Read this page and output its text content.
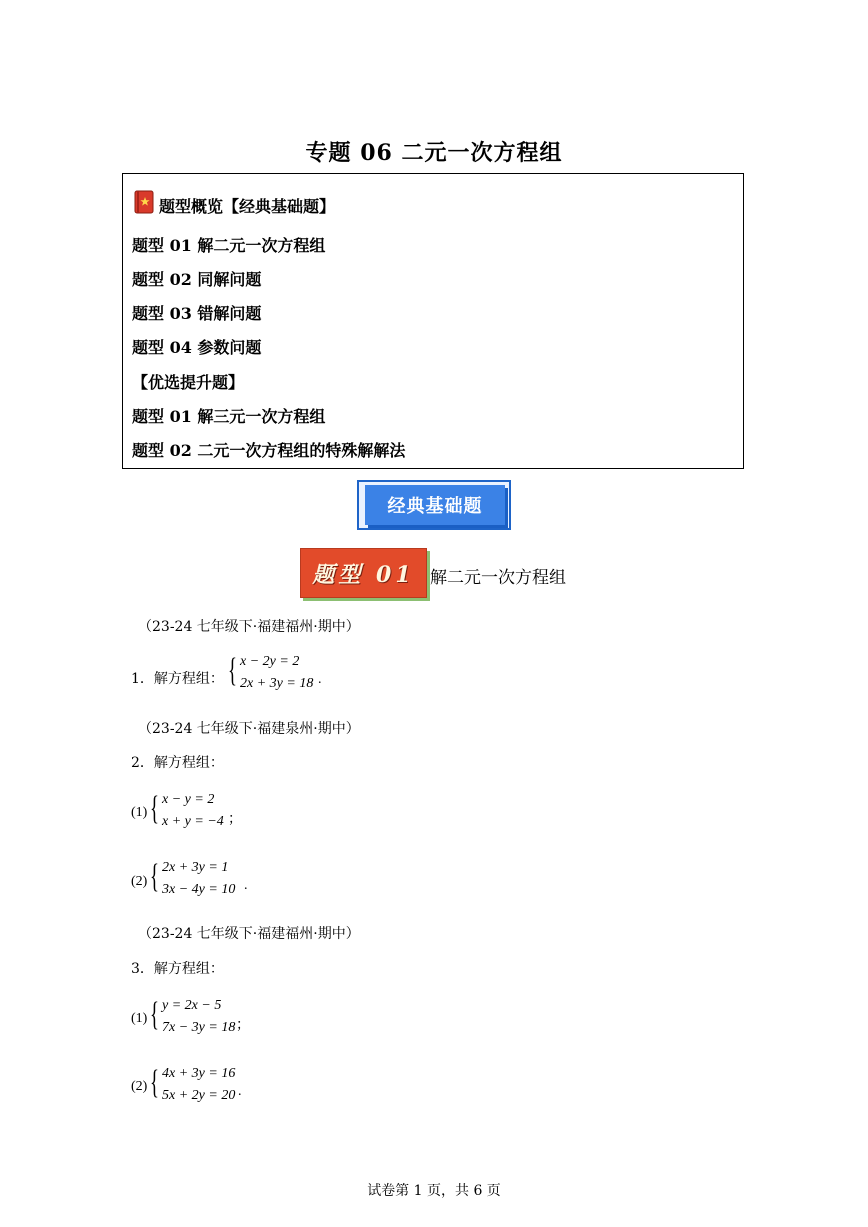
专题 06 二元一次方程组
题型概览【经典基础题】
题型 01 解二元一次方程组
题型 02 同解问题
题型 03 错解问题
题型 04 参数问题
【优选提升题】
题型 01 解三元一次方程组
题型 02 二元一次方程组的特殊解解法
经典基础题
题型 01 解二元一次方程组
（23-24 七年级下·福建福州·期中）
1．解方程组： { x − 2y = 2
2x + 3y = 18 .
（23-24 七年级下·福建泉州·期中）
2．解方程组：
(1) { x − y = 2
x + y = −4 ；
(2) { 2x + 3y = 1
3x − 4y = 10 .
（23-24 七年级下·福建福州·期中）
3．解方程组：
(1) { y = 2x − 5
7x − 3y = 18 ；
(2) { 4x + 3y = 16
5x + 2y = 20 .
试卷第 1 页，共 6 页
